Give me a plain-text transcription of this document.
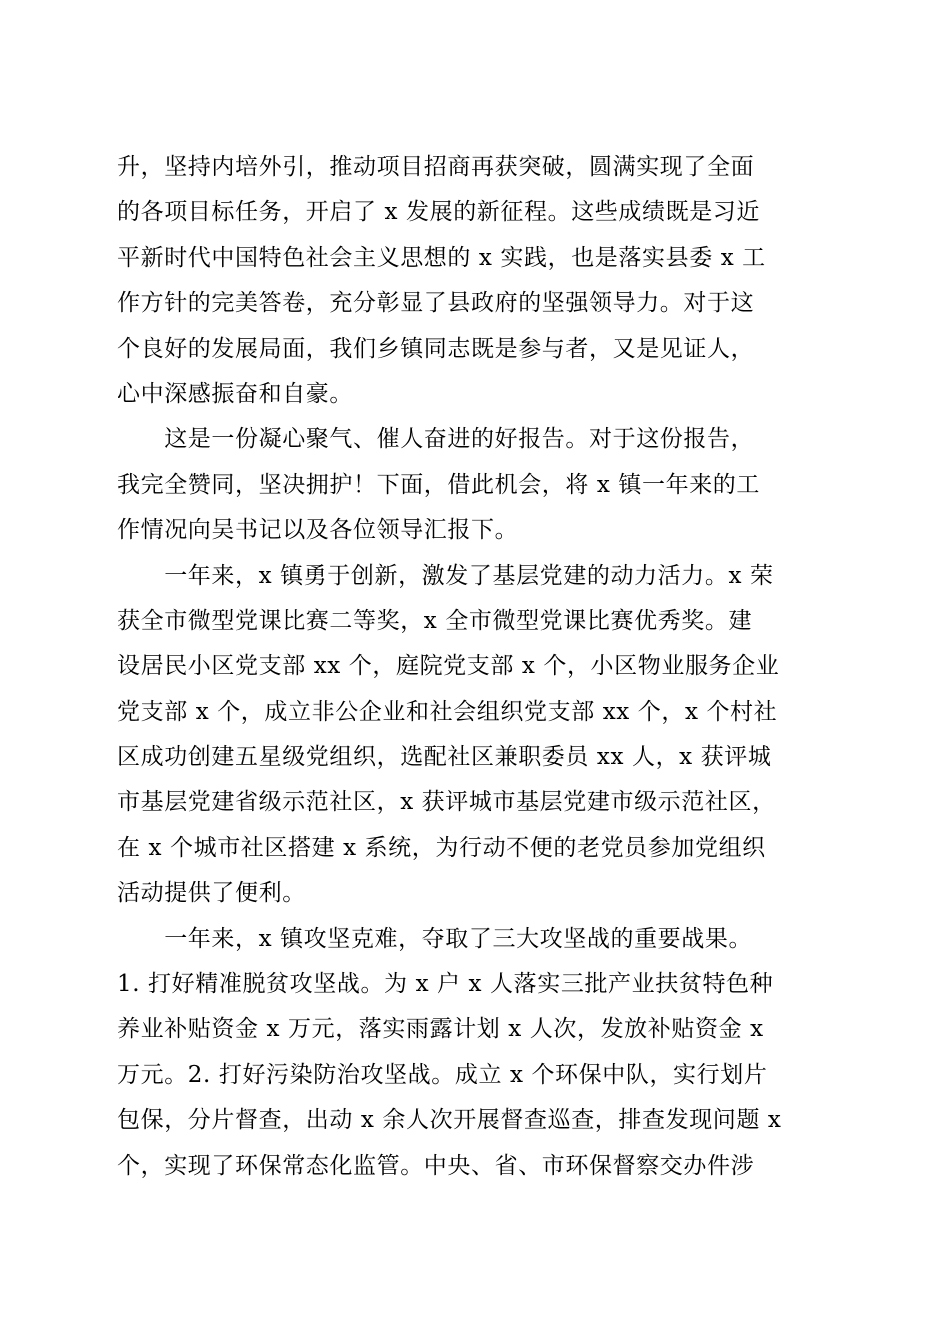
升，坚持内培外引，推动项目招商再获突破，圆满实现了全面
的各项目标任务，开启了 x 发展的新征程。这些成绩既是习近
平新时代中国特色社会主义思想的 x 实践，也是落实县委 x 工
作方针的完美答卷，充分彰显了县政府的坚强领导力。对于这
个良好的发展局面，我们乡镇同志既是参与者，又是见证人，
心中深感振奋和自豪。
　　这是一份凝心聚气、催人奋进的好报告。对于这份报告，
我完全赞同，坚决拥护！下面，借此机会，将 x 镇一年来的工
作情况向吴书记以及各位领导汇报下。
　　一年来，x 镇勇于创新，激发了基层党建的动力活力。x 荣
获全市微型党课比赛二等奖，x 全市微型党课比赛优秀奖。建
设居民小区党支部 xx 个，庭院党支部 x 个，小区物业服务企业
党支部 x 个，成立非公企业和社会组织党支部 xx 个，x 个村社
区成功创建五星级党组织，选配社区兼职委员 xx 人，x 获评城
市基层党建省级示范社区，x 获评城市基层党建市级示范社区，
在 x 个城市社区搭建 x 系统，为行动不便的老党员参加党组织
活动提供了便利。
　　一年来，x 镇攻坚克难，夺取了三大攻坚战的重要战果。
1. 打好精准脱贫攻坚战。为 x 户 x 人落实三批产业扶贫特色种
养业补贴资金 x 万元，落实雨露计划 x 人次，发放补贴资金 x
万元。2. 打好污染防治攻坚战。成立 x 个环保中队，实行划片
包保，分片督查，出动 x 余人次开展督查巡查，排查发现问题 x
个，实现了环保常态化监管。中央、省、市环保督察交办件涉
